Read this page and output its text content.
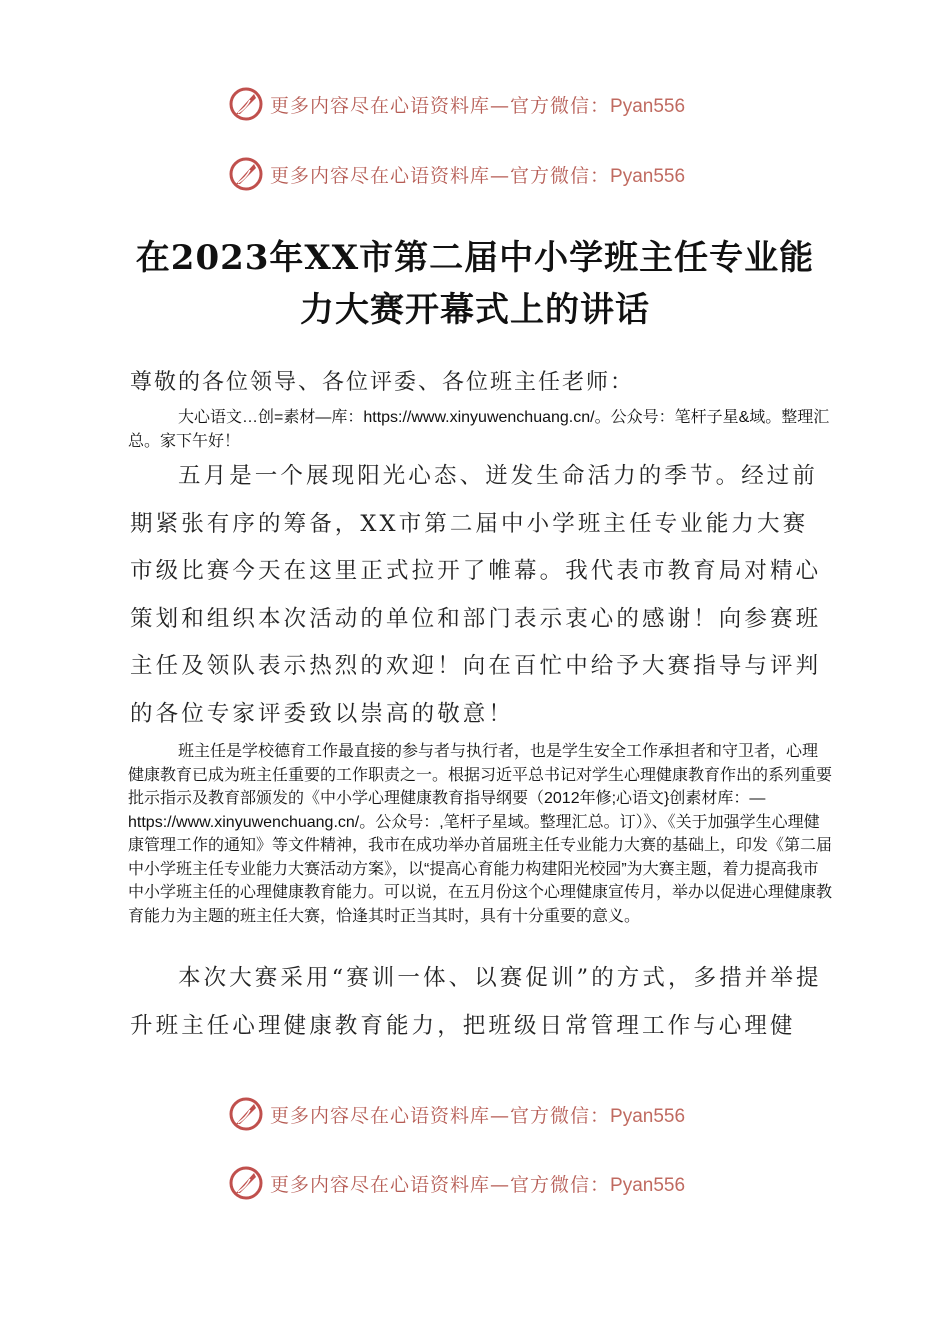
更多内容尽在心语资料库—官方微信：Pyan556
更多内容尽在心语资料库—官方微信：Pyan556
在2023年XX市第二届中小学班主任专业能
力大赛开幕式上的讲话
尊敬的各位领导、各位评委、各位班主任老师：
大心语文…创=素材—库：https://www.xinyuwenchuang.cn/。公众号：笔杆子星&域。整理汇总。家下午好！
五月是一个展现阳光心态、迸发生命活力的季节。经过前期紧张有序的筹备，XX市第二届中小学班主任专业能力大赛市级比赛今天在这里正式拉开了帷幕。我代表市教育局对精心策划和组织本次活动的单位和部门表示衷心的感谢！向参赛班主任及领队表示热烈的欢迎！向在百忙中给予大赛指导与评判的各位专家评委致以崇高的敬意！
班主任是学校德育工作最直接的参与者与执行者，也是学生安全工作承担者和守卫者，心理健康教育已成为班主任重要的工作职责之一。根据习近平总书记对学生心理健康教育作出的系列重要批示指示及教育部颁发的《中小学心理健康教育指导纲要（2012年修;心语文}创素材库：—https://www.xinyuwenchuang.cn/。公众号：,笔杆子星域。整理汇总。订）》、《关于加强学生心理健康管理工作的通知》等文件精神，我市在成功举办首届班主任专业能力大赛的基础上，印发《第二届中小学班主任专业能力大赛活动方案》，以“提高心育能力构建阳光校园”为大赛主题，着力提高我市中小学班主任的心理健康教育能力。可以说，在五月份这个心理健康宣传月，举办以促进心理健康教育能力为主题的班主任大赛，恰逢其时正当其时，具有十分重要的意义。
本次大赛采用“赛训一体、以赛促训”的方式，多措并举提升班主任心理健康教育能力，把班级日常管理工作与心理健
更多内容尽在心语资料库—官方微信：Pyan556
更多内容尽在心语资料库—官方微信：Pyan556
